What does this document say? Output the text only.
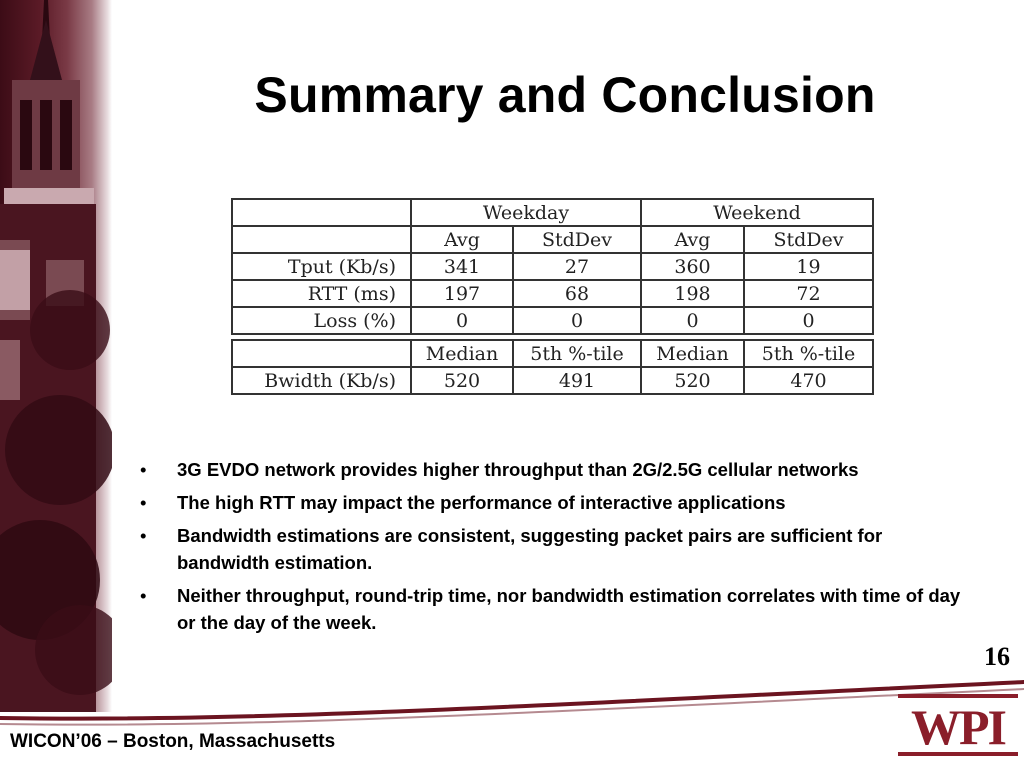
Summary and Conclusion
	Weekday		Weekend	
	Avg	StdDev	Avg	StdDev
Tput (Kb/s)	341	27	360	19
RTT (ms)	197	68	198	72
Loss (%)	0	0	0	0

	Median	5th %-tile	Median	5th %-tile
Bwidth (Kb/s)	520	491	520	470
• 3G EVDO network provides higher throughput than 2G/2.5G cellular networks
• The high RTT may impact the performance of interactive applications
• Bandwidth estimations are consistent, suggesting packet pairs are sufficient for bandwidth estimation.
• Neither throughput, round-trip time, nor bandwidth estimation correlates with time of day or the day of the week.
16
WICON’06 – Boston, Massachusetts	WPI
